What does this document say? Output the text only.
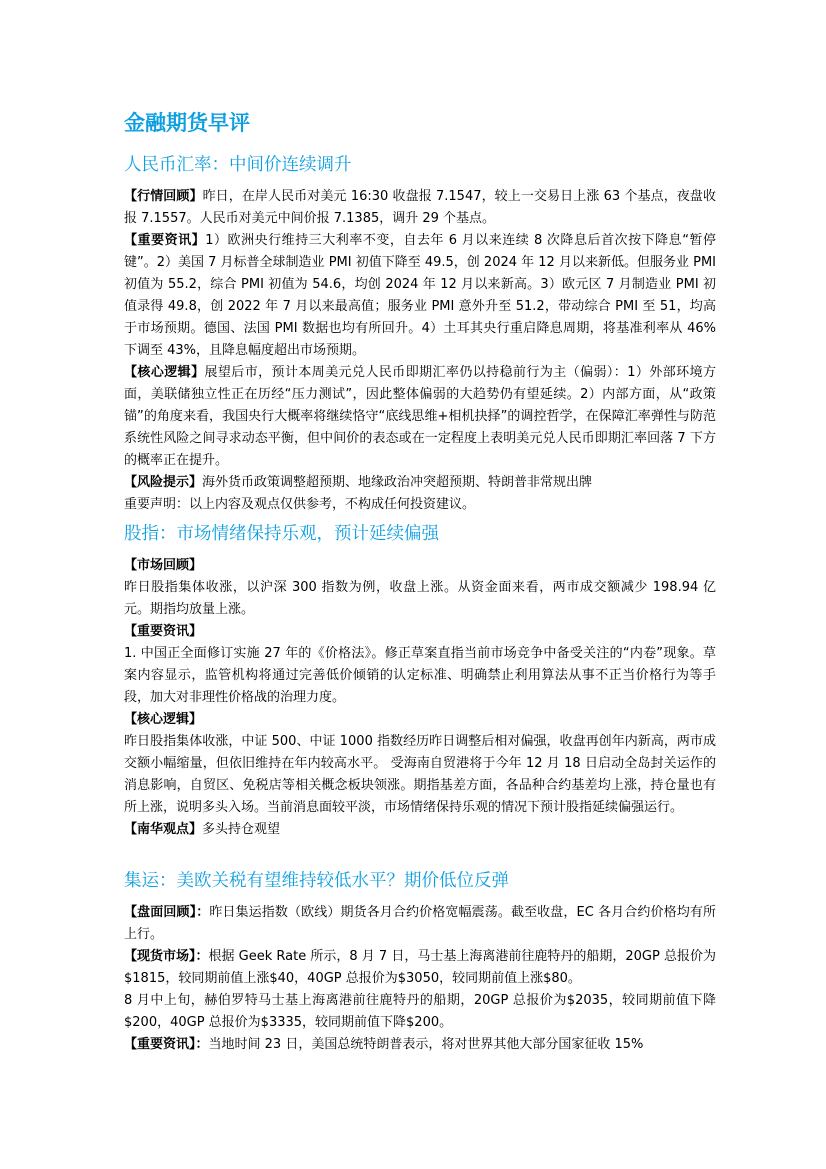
金融期货早评
人民币汇率：中间价连续调升

【行情回顾】昨日，在岸人民币对美元 16:30 收盘报 7.1547，较上一交易日上涨 63 个基点，夜盘收报 7.1557。人民币对美元中间价报 7.1385，调升 29 个基点。

【重要资讯】1）欧洲央行维持三大利率不变，自去年 6 月以来连续 8 次降息后首次按下降息“暂停键”。2）美国 7 月标普全球制造业 PMI 初值下降至 49.5，创 2024 年 12 月以来新低。但服务业 PMI 初值为 55.2，综合 PMI 初值为 54.6，均创 2024 年 12 月以来新高。3）欧元区 7 月制造业 PMI 初值录得 49.8，创 2022 年 7 月以来最高值；服务业 PMI 意外升至 51.2，带动综合 PMI 至 51，均高于市场预期。德国、法国 PMI 数据也均有所回升。4）土耳其央行重启降息周期，将基准利率从 46%下调至 43%，且降息幅度超出市场预期。

【核心逻辑】展望后市，预计本周美元兑人民币即期汇率仍以持稳前行为主（偏弱）：1）外部环境方面，美联储独立性正在历经“压力测试”，因此整体偏弱的大趋势仍有望延续。2）内部方面，从“政策锚”的角度来看，我国央行大概率将继续恪守“底线思维+相机抉择”的调控哲学，在保障汇率弹性与防范系统性风险之间寻求动态平衡，但中间价的表态或在一定程度上表明美元兑人民币即期汇率回落 7 下方的概率正在提升。

【风险提示】海外货币政策调整超预期、地缘政治冲突超预期、特朗普非常规出牌

重要声明：以上内容及观点仅供参考，不构成任何投资建议。

股指：市场情绪保持乐观，预计延续偏强

【市场回顾】

昨日股指集体收涨，以沪深 300 指数为例，收盘上涨。从资金面来看，两市成交额减少 198.94 亿元。期指均放量上涨。

【重要资讯】

1. 中国正全面修订实施 27 年的《价格法》。修正草案直指当前市场竞争中备受关注的“内卷”现象。草案内容显示，监管机构将通过完善低价倾销的认定标准、明确禁止利用算法从事不正当价格行为等手段，加大对非理性价格战的治理力度。

【核心逻辑】

昨日股指集体收涨，中证 500、中证 1000 指数经历昨日调整后相对偏强，收盘再创年内新高，两市成交额小幅缩量，但依旧维持在年内较高水平。 受海南自贸港将于今年 12 月 18 日启动全岛封关运作的消息影响，自贸区、免税店等相关概念板块领涨。期指基差方面，各品种合约基差均上涨，持仓量也有所上涨，说明多头入场。当前消息面较平淡，市场情绪保持乐观的情况下预计股指延续偏强运行。

【南华观点】多头持仓观望

集运：美欧关税有望维持较低水平？期价低位反弹

【盘面回顾】：昨日集运指数（欧线）期货各月合约价格宽幅震荡。截至收盘，EC 各月合约价格均有所上行。

【现货市场】：根据 Geek Rate 所示，8 月 7 日，马士基上海离港前往鹿特丹的船期，20GP 总报价为$1815，较同期前值上涨$40，40GP 总报价为$3050，较同期前值上涨$80。

8 月中上旬，赫伯罗特马士基上海离港前往鹿特丹的船期，20GP 总报价为$2035，较同期前值下降$200，40GP 总报价为$3335，较同期前值下降$200。

【重要资讯】：当地时间 23 日，美国总统特朗普表示，将对世界其他大部分国家征收 15%
